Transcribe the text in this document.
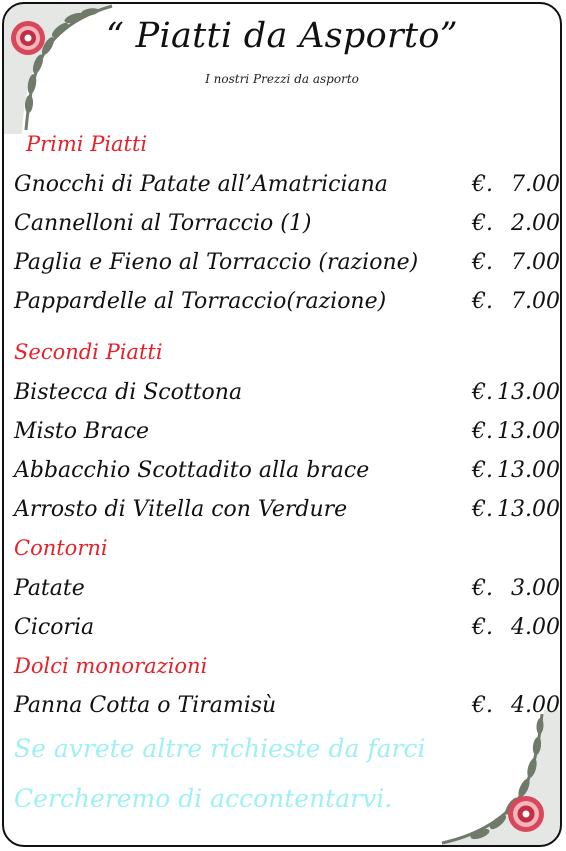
“ Piatti da Asporto”
I nostri Prezzi da asporto
Primi Piatti
Gnocchi di Patate all’Amatriciana	€. 7.00
Cannelloni al Torraccio (1)	€. 2.00
Paglia e Fieno al Torraccio (razione) €. 7.00
Pappardelle al Torraccio(razione)	€. 7.00
Secondi Piatti
Bistecca di Scottona	€. 13.00
Misto Brace	€. 13.00
Abbacchio Scottadito alla brace	€. 13.00
Arrosto di Vitella con Verdure	€. 13.00
Contorni
Patate	€. 3.00
Cicoria	€. 4.00
Dolci monorazioni
Panna Cotta o Tiramisù	€. 4.00
Se avrete altre richieste da farci
Cercheremo di accontentarvi.
